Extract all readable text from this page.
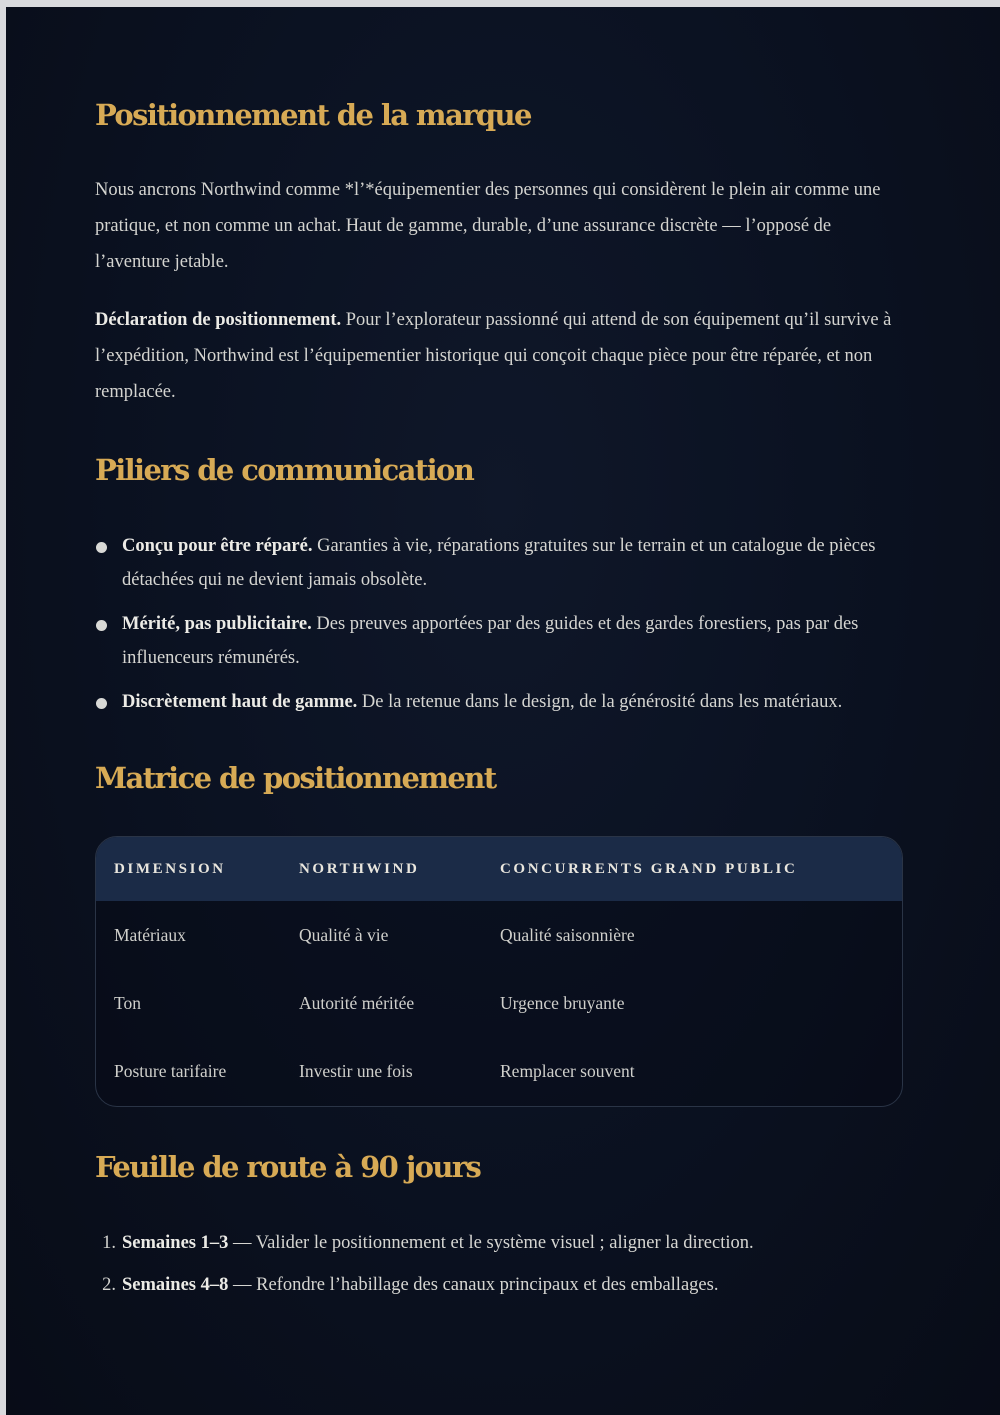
Positionnement de la marque

Nous ancrons Northwind comme *l’*équipementier des personnes qui considèrent le plein air comme une pratique, et non comme un achat. Haut de gamme, durable, d’une assurance discrète — l’opposé de l’aventure jetable.

Déclaration de positionnement. Pour l’explorateur passionné qui attend de son équipement qu’il survive à l’expédition, Northwind est l’équipementier historique qui conçoit chaque pièce pour être réparée, et non remplacée.

Piliers de communication
Conçu pour être réparé. Garanties à vie, réparations gratuites sur le terrain et un catalogue de pièces détachées qui ne devient jamais obsolète.
Mérité, pas publicitaire. Des preuves apportées par des guides et des gardes forestiers, pas par des influenceurs rémunérés.
Discrètement haut de gamme. De la retenue dans le design, de la générosité dans les matériaux.
Matrice de positionnement
DIMENSION	NORTHWIND	CONCURRENTS GRAND PUBLIC
Matériaux	Qualité à vie	Qualité saisonnière
Ton	Autorité méritée	Urgence bruyante
Posture tarifaire	Investir une fois	Remplacer souvent
Feuille de route à 90 jours
1. Semaines 1–3 — Valider le positionnement et le système visuel ; aligner la direction.
2. Semaines 4–8 — Refondre l’habillage des canaux principaux et des emballages.
